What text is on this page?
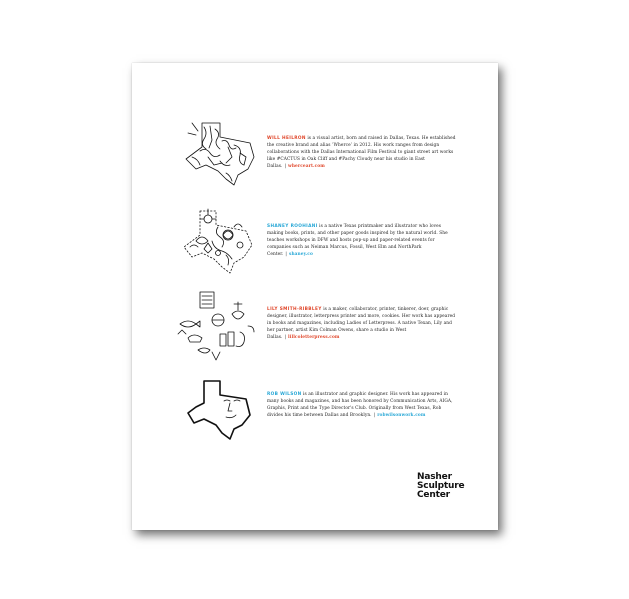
WILL HEILRON is a visual artist, born and raised in Dallas, Texas. He established the creative brand and alias ‘Wherce’ in 2012. His work ranges from design collaborations with the Dallas International Film Festival to giant street art works like #CACTUS in Oak Cliff and #Pachy Cloudy near his studio in East Dallas. | wherceart.com
SHANEY ROOHIANI is a native Texas printmaker and illustrator who loves making books, prints, and other paper goods inspired by the natural world. She teaches workshops in DFW and hosts pop-up and paper-related events for companies such as Neiman Marcus, Fossil, West Elm and NorthPark Center. | shaney.co
LILY SMITH-RIBBLEY is a maker, collaborator, printer, tinkerer, doer, graphic designer, illustrator, letterpress printer and more, cookies. Her work has appeared in books and magazines, including Ladies of Letterpress. A native Texan, Lily and her partner, artist Kim Colman Owens, share a studio in West Dallas. | lillcoletterpress.com
ROB WILSON is an illustrator and graphic designer. His work has appeared in many books and magazines, and has been honored by Communication Arts, AIGA, Graphis, Print and the Type Director's Club. Originally from West Texas, Rob divides his time between Dallas and Brooklyn. | robwilsonwork.com
Nasher
Sculpture
Center
